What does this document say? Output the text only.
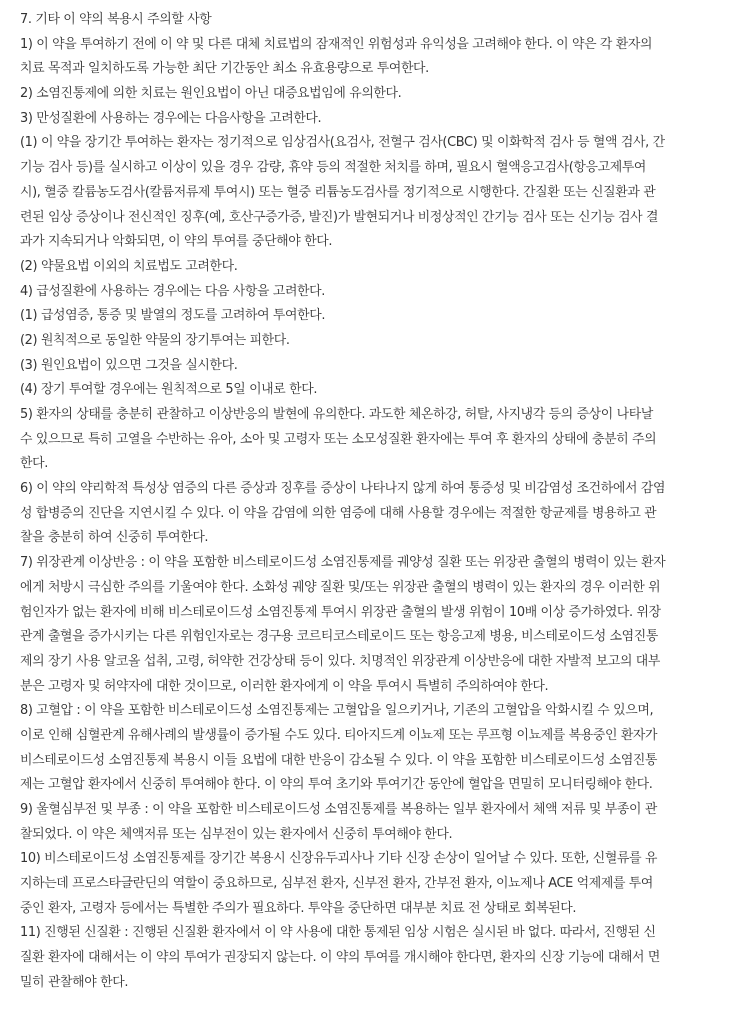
7. 기타 이 약의 복용시 주의할 사항
1) 이 약을 투여하기 전에 이 약 및 다른 대체 치료법의 잠재적인 위험성과 유익성을 고려해야 한다. 이 약은 각 환자의
치료 목적과 일치하도록 가능한 최단 기간동안 최소 유효용량으로 투여한다.
2) 소염진통제에 의한 치료는 원인요법이 아닌 대증요법임에 유의한다.
3) 만성질환에 사용하는 경우에는 다음사항을 고려한다.
(1) 이 약을 장기간 투여하는 환자는 정기적으로 임상검사(요검사, 전혈구 검사(CBC) 및 이화학적 검사 등 혈액 검사, 간
기능 검사 등)를 실시하고 이상이 있을 경우 감량, 휴약 등의 적절한 처치를 하며, 필요시 혈액응고검사(항응고제투여
시), 혈중 칼륨농도검사(칼륨저류제 투여시) 또는 혈중 리튬농도검사를 정기적으로 시행한다. 간질환 또는 신질환과 관
련된 임상 증상이나 전신적인 징후(예, 호산구증가증, 발진)가 발현되거나 비정상적인 간기능 검사 또는 신기능 검사 결
과가 지속되거나 악화되면, 이 약의 투여를 중단해야 한다.
(2) 약물요법 이외의 치료법도 고려한다.
4) 급성질환에 사용하는 경우에는 다음 사항을 고려한다.
(1) 급성염증, 통증 및 발열의 정도를 고려하여 투여한다.
(2) 원칙적으로 동일한 약물의 장기투여는 피한다.
(3) 원인요법이 있으면 그것을 실시한다.
(4) 장기 투여할 경우에는 원칙적으로 5일 이내로 한다.
5) 환자의 상태를 충분히 관찰하고 이상반응의 발현에 유의한다. 과도한 체온하강, 허탈, 사지냉각 등의 증상이 나타날
수 있으므로 특히 고열을 수반하는 유아, 소아 및 고령자 또는 소모성질환 환자에는 투여 후 환자의 상태에 충분히 주의
한다.
6) 이 약의 약리학적 특성상 염증의 다른 증상과 징후를 증상이 나타나지 않게 하여 통증성 및 비감염성 조건하에서 감염
성 합병증의 진단을 지연시킬 수 있다. 이 약을 감염에 의한 염증에 대해 사용할 경우에는 적절한 항균제를 병용하고 관
찰을 충분히 하여 신중히 투여한다.
7) 위장관계 이상반응 : 이 약을 포함한 비스테로이드성 소염진통제를 궤양성 질환 또는 위장관 출혈의 병력이 있는 환자
에게 처방시 극심한 주의를 기울여야 한다. 소화성 궤양 질환 및/또는 위장관 출혈의 병력이 있는 환자의 경우 이러한 위
험인자가 없는 환자에 비해 비스테로이드성 소염진통제 투여시 위장관 출혈의 발생 위험이 10배 이상 증가하였다. 위장
관계 출혈을 증가시키는 다른 위험인자로는 경구용 코르티코스테로이드 또는 항응고제 병용, 비스테로이드성 소염진통
제의 장기 사용 알코올 섭취, 고령, 허약한 건강상태 등이 있다. 치명적인 위장관계 이상반응에 대한 자발적 보고의 대부
분은 고령자 및 허약자에 대한 것이므로, 이러한 환자에게 이 약을 투여시 특별히 주의하여야 한다.
8) 고혈압 : 이 약을 포함한 비스테로이드성 소염진통제는 고혈압을 일으키거나, 기존의 고혈압을 악화시킬 수 있으며,
이로 인해 심혈관계 유해사례의 발생률이 증가될 수도 있다. 티아지드계 이뇨제 또는 루프형 이뇨제를 복용중인 환자가
비스테로이드성 소염진통제 복용시 이들 요법에 대한 반응이 감소될 수 있다. 이 약을 포함한 비스테로이드성 소염진통
제는 고혈압 환자에서 신중히 투여해야 한다. 이 약의 투여 초기와 투여기간 동안에 혈압을 면밀히 모니터링해야 한다.
9) 울혈심부전 및 부종 : 이 약을 포함한 비스테로이드성 소염진통제를 복용하는 일부 환자에서 체액 저류 및 부종이 관
찰되었다. 이 약은 체액저류 또는 심부전이 있는 환자에서 신중히 투여해야 한다.
10) 비스테로이드성 소염진통제를 장기간 복용시 신장유두괴사나 기타 신장 손상이 일어날 수 있다. 또한, 신혈류를 유
지하는데 프로스타글란딘의 역할이 중요하므로, 심부전 환자, 신부전 환자, 간부전 환자, 이뇨제나 ACE 억제제를 투여
중인 환자, 고령자 등에서는 특별한 주의가 필요하다. 투약을 중단하면 대부분 치료 전 상태로 회복된다.
11) 진행된 신질환 : 진행된 신질환 환자에서 이 약 사용에 대한 통제된 임상 시험은 실시된 바 없다. 따라서, 진행된 신
질환 환자에 대해서는 이 약의 투여가 권장되지 않는다. 이 약의 투여를 개시해야 한다면, 환자의 신장 기능에 대해서 면
밀히 관찰해야 한다.
